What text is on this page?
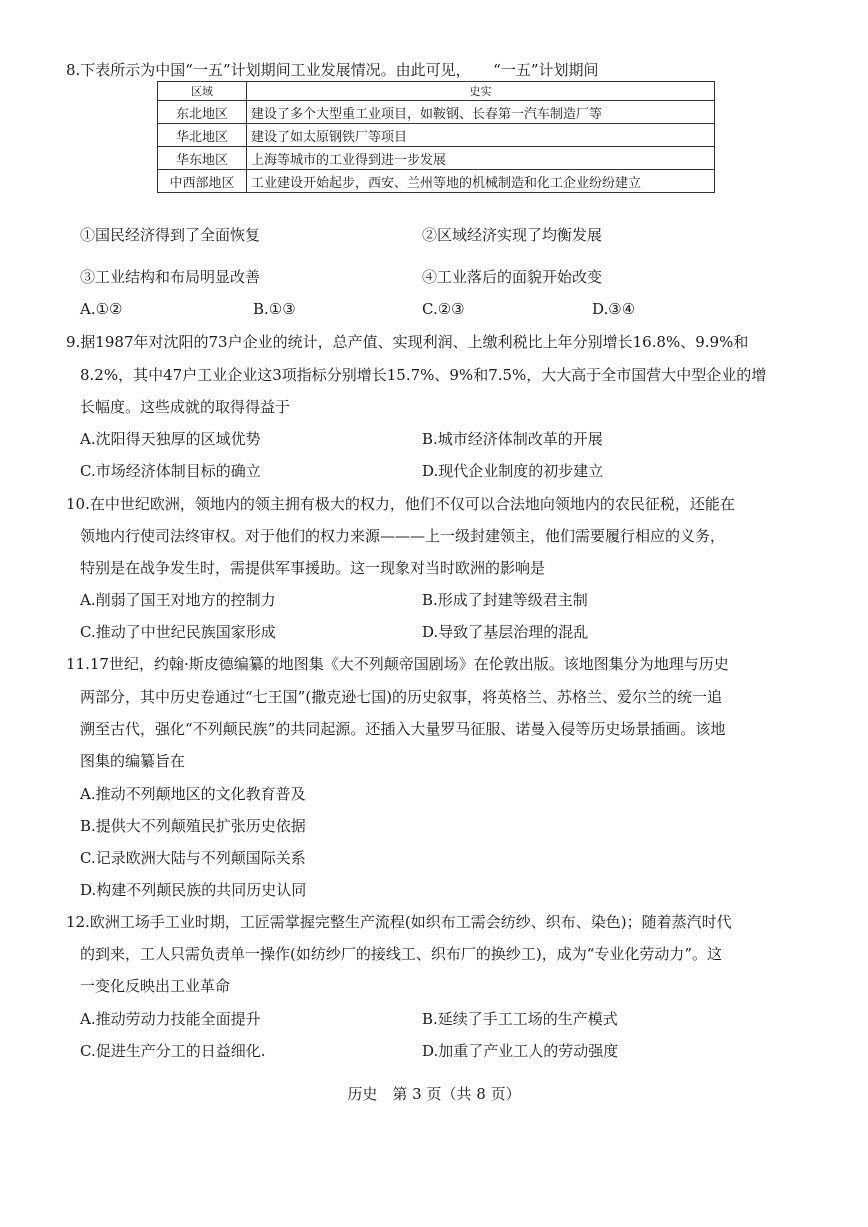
8.下表所示为中国“一五”计划期间工业发展情况。由此可见，　　“一五”计划期间
区域	史实
东北地区	建设了多个大型重工业项目，如鞍钢、长春第一汽车制造厂等
华北地区	建设了如太原钢铁厂等项目
华东地区	上海等城市的工业得到进一步发展
中西部地区	工业建设开始起步，西安、兰州等地的机械制造和化工企业纷纷建立
①国民经济得到了全面恢复	②区域经济实现了均衡发展
③工业结构和布局明显改善	④工业落后的面貌开始改变
A.①②	B.①③	C.②③	D.③④
9.据1987年对沈阳的73户企业的统计，总产值、实现利润、上缴利税比上年分别增长16.8%、9.9%和
8.2%，其中47户工业企业这3项指标分别增长15.7%、9%和7.5%，大大高于全市国营大中型企业的增
长幅度。这些成就的取得得益于
A.沈阳得天独厚的区域优势	B.城市经济体制改革的开展
C.市场经济体制目标的确立	D.现代企业制度的初步建立
10.在中世纪欧洲，领地内的领主拥有极大的权力，他们不仅可以合法地向领地内的农民征税，还能在
领地内行使司法终审权。对于他们的权力来源———上一级封建领主，他们需要履行相应的义务，
特别是在战争发生时，需提供军事援助。这一现象对当时欧洲的影响是
A.削弱了国王对地方的控制力	B.形成了封建等级君主制
C.推动了中世纪民族国家形成	D.导致了基层治理的混乱
11.17世纪，约翰·斯皮德编纂的地图集《大不列颠帝国剧场》在伦敦出版。该地图集分为地理与历史
两部分，其中历史卷通过“七王国”(撒克逊七国)的历史叙事，将英格兰、苏格兰、爱尔兰的统一追
溯至古代，强化“不列颠民族”的共同起源。还插入大量罗马征服、诺曼入侵等历史场景插画。该地
图集的编纂旨在
A.推动不列颠地区的文化教育普及
B.提供大不列颠殖民扩张历史依据
C.记录欧洲大陆与不列颠国际关系
D.构建不列颠民族的共同历史认同
12.欧洲工场手工业时期，工匠需掌握完整生产流程(如织布工需会纺纱、织布、染色)；随着蒸汽时代
的到来，工人只需负责单一操作(如纺纱厂的接线工、织布厂的换纱工)，成为“专业化劳动力”。这
一变化反映出工业革命
A.推动劳动力技能全面提升	B.延续了手工工场的生产模式
C.促进生产分工的日益细化.	D.加重了产业工人的劳动强度
历史　第 3 页（共 8 页）
